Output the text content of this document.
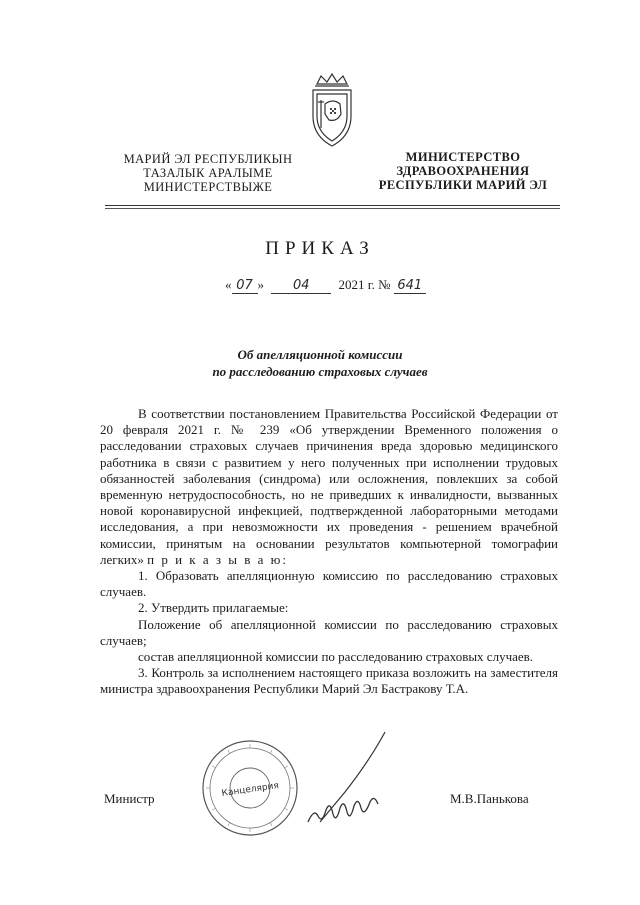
МАРИЙ ЭЛ РЕСПУБЛИКЫН
ТАЗАЛЫК АРАЛЫМЕ
МИНИСТЕРСТВЫЖЕ
МИНИСТЕРСТВО
ЗДРАВООХРАНЕНИЯ
РЕСПУБЛИКИ МАРИЙ ЭЛ
ПРИКАЗ
« 07 » 04 2021 г. № 641
Об апелляционной комиссии
по расследованию страховых случаев

В соответствии постановлением Правительства Российской Федерации от 20 февраля 2021 г. № 239 «Об утверждении Временного положения о расследовании страховых случаев причинения вреда здоровью медицинского работника в связи с развитием у него полученных при исполнении трудовых обязанностей заболевания (синдрома) или осложнения, повлекших за собой временную нетрудоспособность, но не приведших к инвалидности, вызванных новой коронавирусной инфекцией, подтвержденной лабораторными методами исследования, а при невозможности их проведения - решением врачебной комиссии, принятым на основании результатов компьютерной томографии легких» п р и к а з ы в а ю:

1. Образовать апелляционную комиссию по расследованию страховых случаев.

2. Утвердить прилагаемые:

Положение об апелляционной комиссии по расследованию страховых случаев;

состав апелляционной комиссии по расследованию страховых случаев.

3. Контроль за исполнением настоящего приказа возложить на заместителя министра здравоохранения Республики Марий Эл Бастракову Т.А.

Канцелярия
Министр	М.В.Панькова
